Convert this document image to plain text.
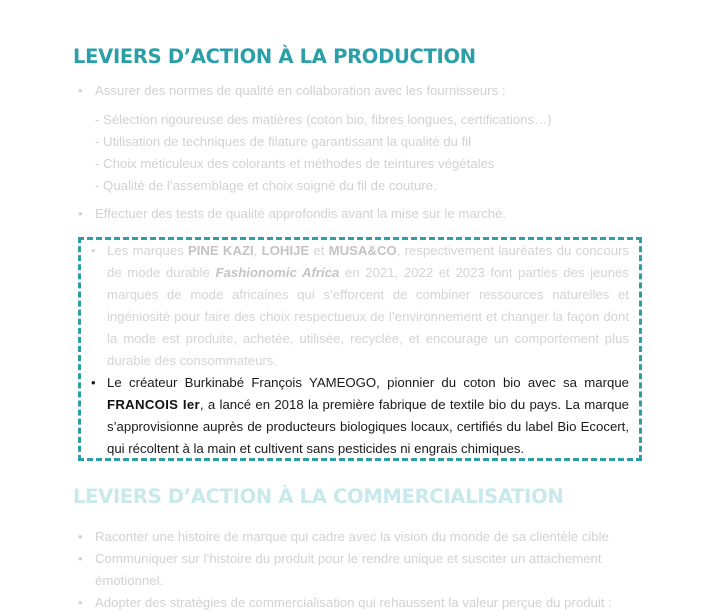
LEVIERS D’ACTION À LA PRODUCTION
• Assurer des normes de qualité en collaboration avec les fournisseurs :
- Sélection rigoureuse des matières (coton bio, fibres longues, certifications…)
- Utilisation de techniques de filature garantissant la qualité du fil
- Choix méticuleux des colorants et méthodes de teintures végétales
- Qualité de l’assemblage et choix soigné du fil de couture.
• Effectuer des tests de qualité approfondis avant la mise sur le marché.
• Les marques PINE KAZI, LOHIJE et MUSA&CO, respectivement lauréates du concours de mode durable Fashionomic Africa en 2021, 2022 et 2023 font parties des jeunes marques de mode africaines qui s’efforcent de combiner ressources naturelles et ingéniosité pour faire des choix respectueux de l’environnement et changer la façon dont la mode est produite, achetée, utilisée, recyclée, et encourage un comportement plus durable des consommateurs.
• Le créateur Burkinabé François YAMEOGO, pionnier du coton bio avec sa marque FRANCOIS Ier, a lancé en 2018 la première fabrique de textile bio du pays. La marque s’approvisionne auprès de producteurs biologiques locaux, certifiés du label Bio Ecocert, qui récoltent à la main et cultivent sans pesticides ni engrais chimiques.
LEVIERS D’ACTION À LA COMMERCIALISATION
• Raconter une histoire de marque qui cadre avec la vision du monde de sa clientèle cible
• Communiquer sur l’histoire du produit pour le rendre unique et susciter un attachement émotionnel.
• Adopter des stratégies de commercialisation qui rehaussent la valeur perçue du produit :
